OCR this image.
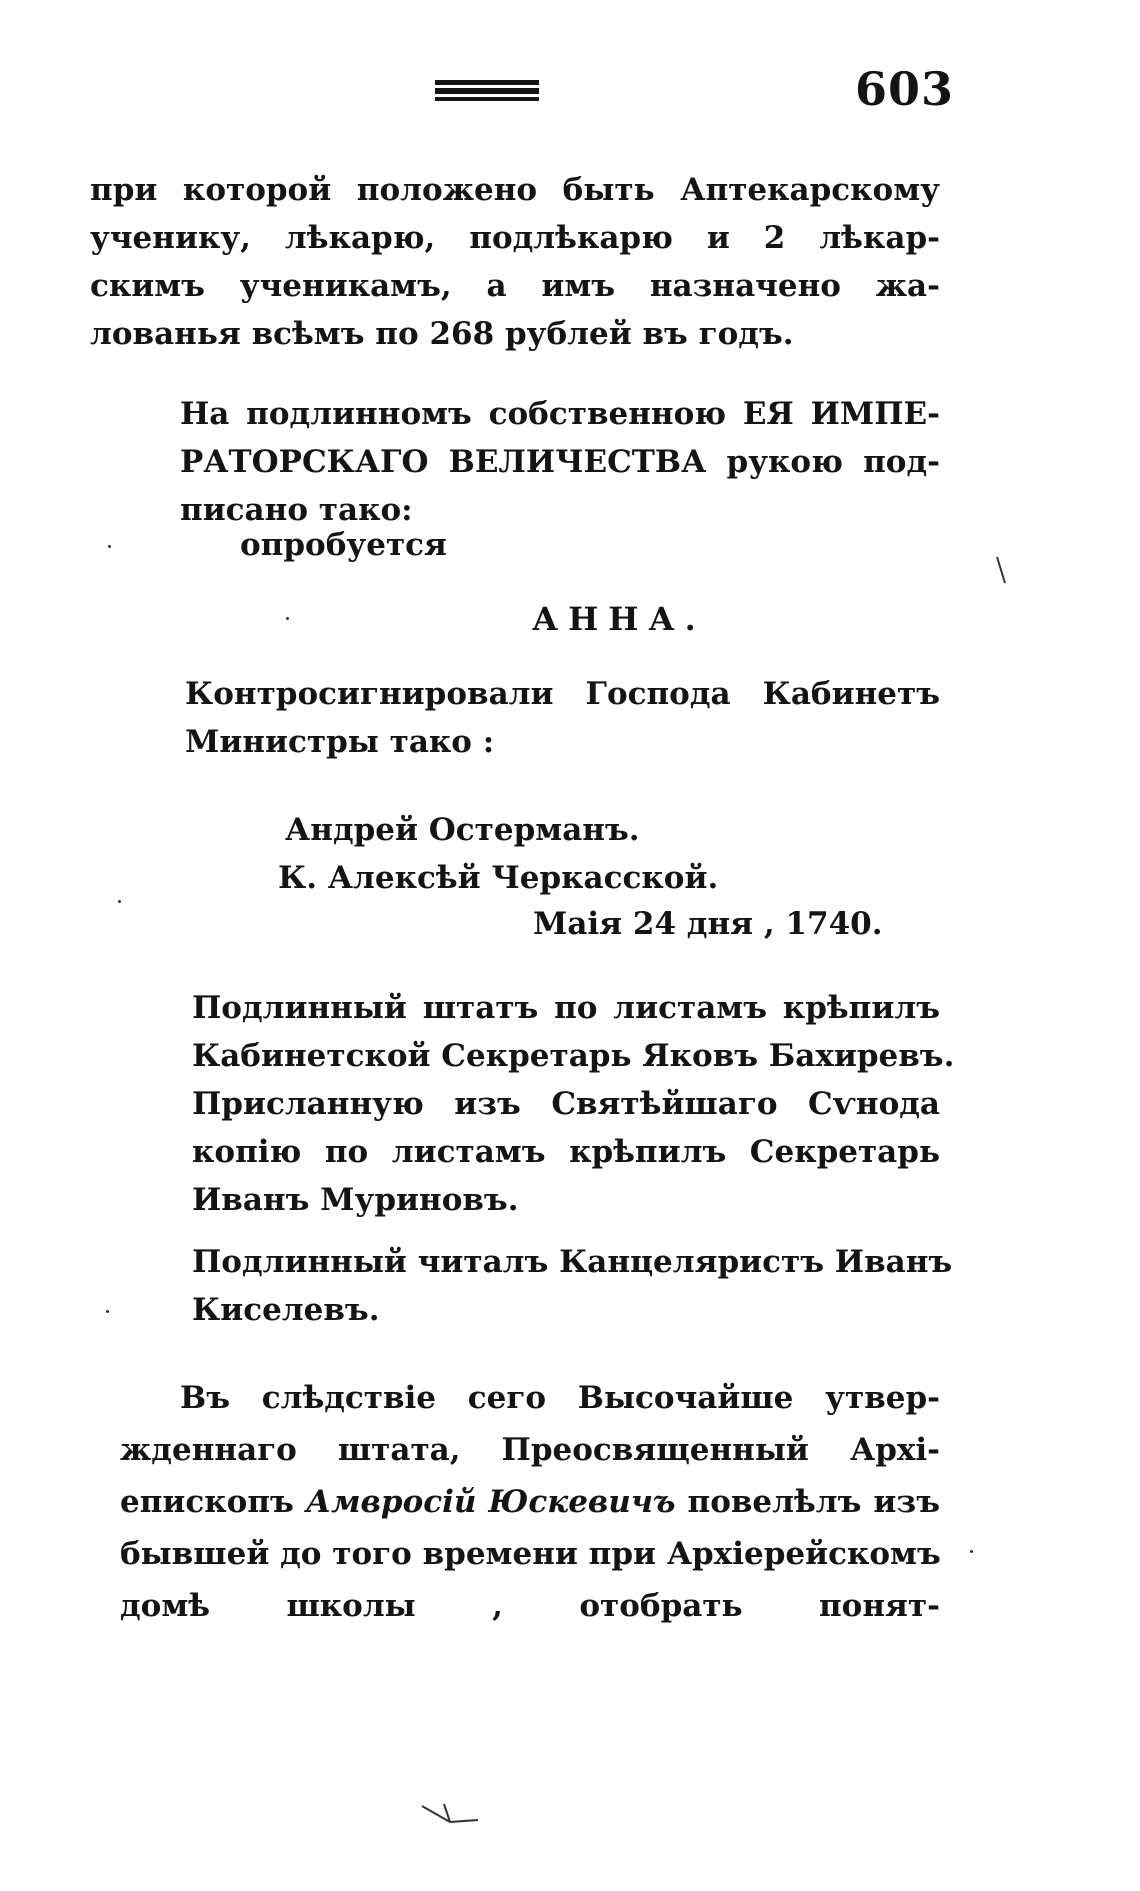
603
при которой положено быть Аптекарскому
ученику, лѣкарю, подлѣкарю и 2 лѣкар-
скимъ ученикамъ, а имъ назначено жа-
лованья всѣмъ по 268 рублей въ годъ.
На подлинномъ собственною ЕЯ ИМПЕ-
РАТОРСКАГО ВЕЛИЧЕСТВА рукою под-
писано тако:
опробуется
АННА.
Контросигнировали Господа Кабинетъ
Министры тако :
Андрей Остерманъ.
К. Алексѣй Черкасской.
Маія 24 дня , 1740.
Подлинный штатъ по листамъ крѣпилъ
Кабинетской Секретарь Яковъ Бахиревъ.
Присланную изъ Святѣйшаго Сѵнода
копію по листамъ крѣпилъ Секретарь
Иванъ Муриновъ.
Подлинный читалъ Канцеляристъ Иванъ
Киселевъ.
Въ слѣдствіе сего Высочайше утвер-
жденнаго штата, Преосвященный Архі-
епископъ Амвросій Юскевичъ повелѣлъ изъ
бывшей до того времени при Архіерейскомъ
домѣ школы , отобрать понят-
